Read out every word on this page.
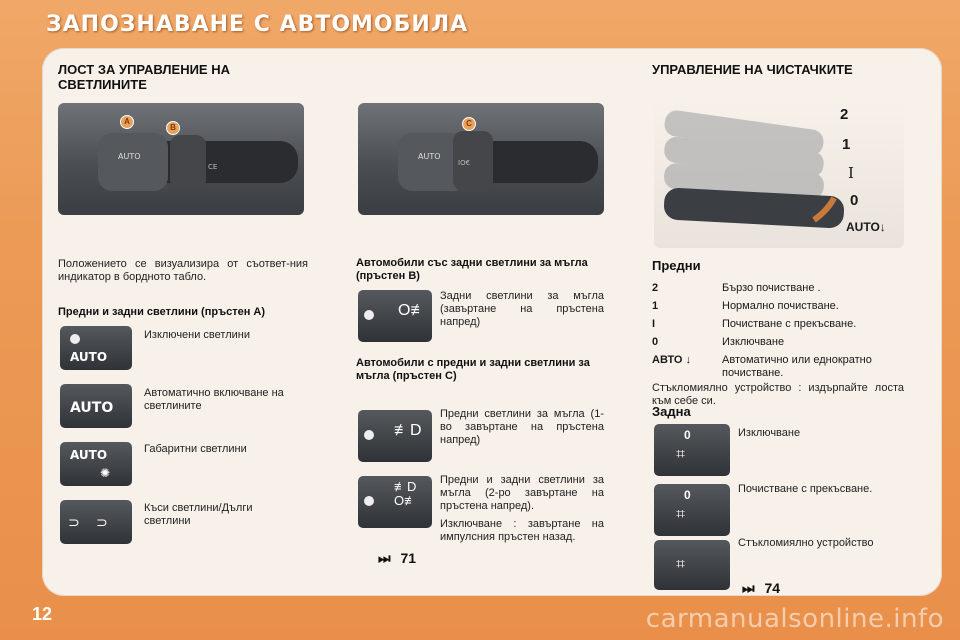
ЗАПОЗНАВАНЕ С АВТОМОБИЛА
ЛОСТ ЗА УПРАВЛЕНИЕ НА СВЕТЛИНИТЕ
AUTO
CE
A
B
AUTO
IO€
C
Положението се визуализира от съответ-ния индикатор в бордното табло.
Предни и задни светлини (пръстен A)
AUTO
Изключени светлини
AUTO
Автоматично включване на светлините
AUTO
✺
Габаритни светлини
⊃ ⊃
Къси светлини/Дълги светлини
Автомобили със задни светлини за мъгла (пръстен B)
O≢
Задни светлини за мъгла (завъртане на пръстена напред)
Автомобили с предни и задни светлини за мъгла (пръстен C)
≢D
Предни светлини за мъгла (1-во завъртане на пръстена напред)
≢D
O≢
Предни и задни светлини за мъгла (2-ро завъртане на пръстена напред).
Изключване : завъртане на импулсния пръстен назад.
⏭ 71
УПРАВЛЕНИЕ НА ЧИСТАЧКИТЕ
2
1
I
0
AUTO↓
Предни
2	Бързо почистване .
1	Нормално почистване.
I	Почистване с прекъсване.
0	Изключване
АВТО ↓	Автоматично или еднократно почистване.
Стъкломиялно устройство : издърпайте лоста към себе си.
Задна
0
⌗
Изключване
0
⌗
Почистване с прекъсване.
⌗
Стъкломиялно устройство
⏭ 74
12	carmanualsonline.info
